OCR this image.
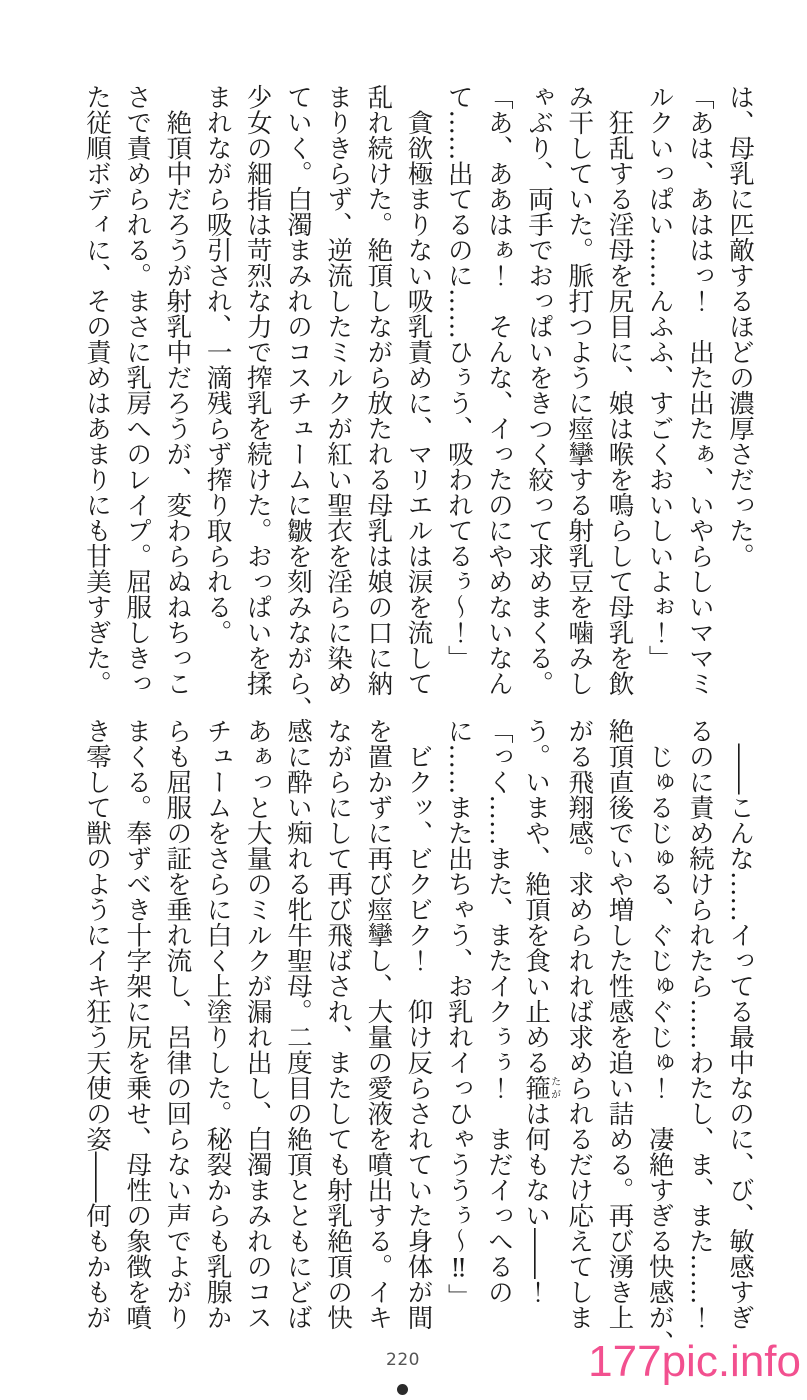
は、母乳に匹敵するほどの濃厚さだった。
「あは、あははっ！　出た出たぁ、いやらしいママミ
ルクいっぱい……んふふ、すごくおいしいよぉ！」
　狂乱する淫母を尻目に、娘は喉を鳴らして母乳を飲
み干していた。脈打つように痙攣する射乳豆を噛みし
ゃぶり、両手でおっぱいをきつく絞って求めまくる。
「あ、ああはぁ！　そんな、イったのにやめないなん
て……出てるのに……ひぅう、吸われてるぅ～！」
　貪欲極まりない吸乳責めに、マリエルは涙を流して
乱れ続けた。絶頂しながら放たれる母乳は娘の口に納
まりきらず、逆流したミルクが紅い聖衣を淫らに染め
ていく。白濁まみれのコスチュームに皺を刻みながら、
少女の細指は苛烈な力で搾乳を続けた。おっぱいを揉
まれながら吸引され、一滴残らず搾り取られる。
　絶頂中だろうが射乳中だろうが、変わらぬねちっこ
さで責められる。まさに乳房へのレイプ。屈服しきっ
た従順ボディに、その責めはあまりにも甘美すぎた。
　――こんな……イってる最中なのに、び、敏感すぎ
るのに責め続けられたら……わたし、ま、また……！
　じゅるじゅる、ぐじゅぐじゅ！　凄絶すぎる快感が、
絶頂直後でいや増した性感を追い詰める。再び湧き上
がる飛翔感。求められれば求められるだけ応えてしま
う。いまや、絶頂を食い止める箍たがは何もない――！
「っく……また、またイクぅぅ！　まだイっへるの
に……また出ちゃう、お乳れイっひゃううぅ～‼」
　ビクッ、ビクビク！　仰け反らされていた身体が間
を置かずに再び痙攣し、大量の愛液を噴出する。イキ
ながらにして再び飛ばされ、またしても射乳絶頂の快
感に酔い痴れる牝牛聖母。二度目の絶頂とともにどば
あぁっと大量のミルクが漏れ出し、白濁まみれのコス
チュームをさらに白く上塗りした。秘裂からも乳腺か
らも屈服の証を垂れ流し、呂律の回らない声でよがり
まくる。奉ずべき十字架に尻を乗せ、母性の象徴を噴
き零して獣のようにイキ狂う天使の姿――何もかもが
220	177pic.info
